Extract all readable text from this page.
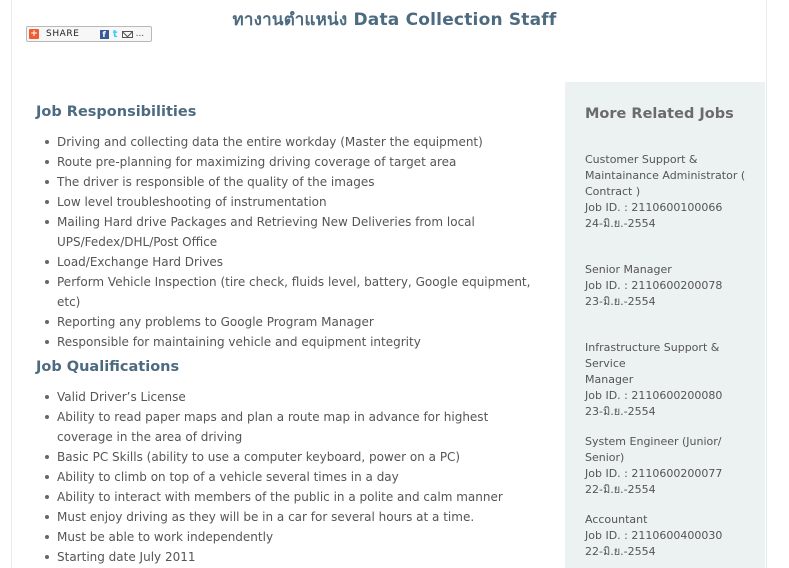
ทางานตำแหน่ง Data Collection Staff
+ SHARE	f t ...
Job Responsibilities
Driving and collecting data the entire workday (Master the equipment)
Route pre-planning for maximizing driving coverage of target area
The driver is responsible of the quality of the images
Low level troubleshooting of instrumentation
Mailing Hard drive Packages and Retrieving New Deliveries from local UPS/Fedex/DHL/Post Office
Load/Exchange Hard Drives
Perform Vehicle Inspection (tire check, fluids level, battery, Google equipment, etc)
Reporting any problems to Google Program Manager
Responsible for maintaining vehicle and equipment integrity
Job Qualifications
Valid Driver’s License
Ability to read paper maps and plan a route map in advance for highest coverage in the area of driving
Basic PC Skills (ability to use a computer keyboard, power on a PC)
Ability to climb on top of a vehicle several times in a day
Ability to interact with members of the public in a polite and calm manner
Must enjoy driving as they will be in a car for several hours at a time.
Must be able to work independently
Starting date July 2011
More Related Jobs
Customer Support &
Maintainance Administrator (
Contract )
Job ID. : 2110600100066
24-มิ.ย.-2554
Senior Manager
Job ID. : 2110600200078
23-มิ.ย.-2554
Infrastructure Support & Service
Manager
Job ID. : 2110600200080
23-มิ.ย.-2554
System Engineer (Junior/ Senior)
Job ID. : 2110600200077
22-มิ.ย.-2554
Accountant
Job ID. : 2110600400030
22-มิ.ย.-2554
